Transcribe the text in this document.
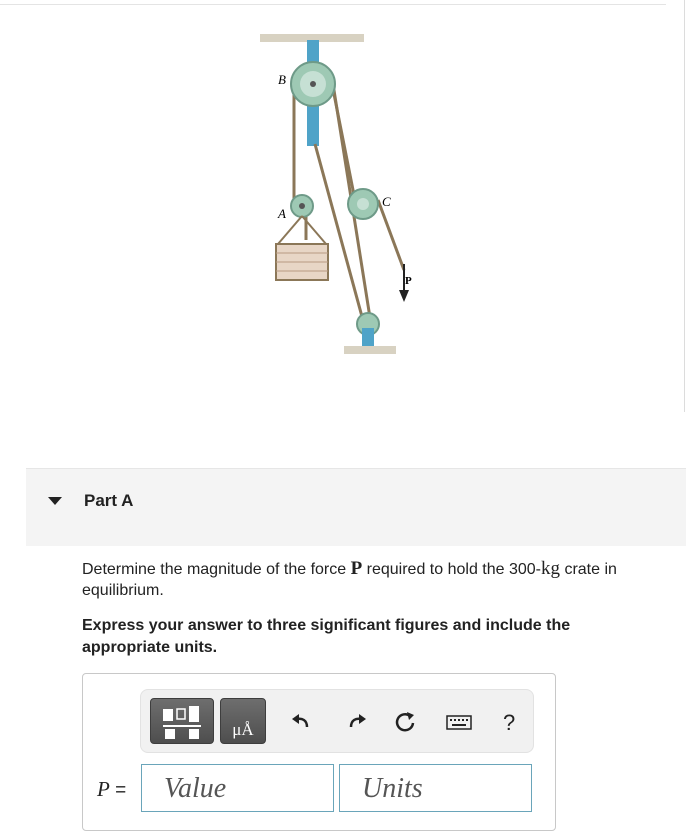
B
A
C
P
Part A
Determine the magnitude of the force P required to hold the 300-kg crate in equilibrium.
Express your answer to three significant figures and include the appropriate units.
μÅ	?
P = Value	Units
